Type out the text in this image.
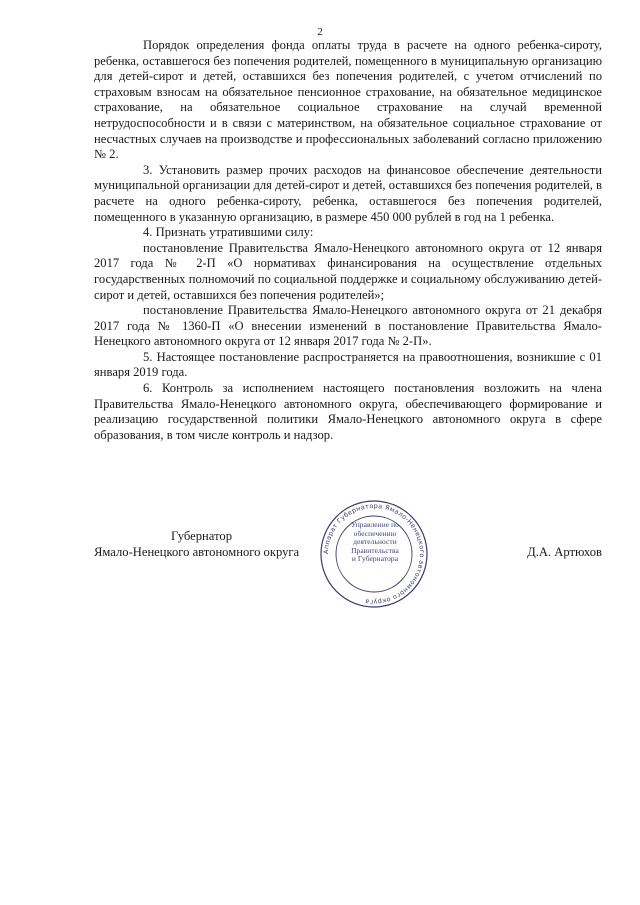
2

Порядок определения фонда оплаты труда в расчете на одного ребенка-сироту, ребенка, оставшегося без попечения родителей, помещенного в муниципальную организацию для детей-сирот и детей, оставшихся без попечения родителей, с учетом отчислений по страховым взносам на обязательное пенсионное страхование, на обязательное медицинское страхование, на обязательное социальное страхование на случай временной нетрудоспособности и в связи с материнством, на обязательное социальное страхование от несчастных случаев на производстве и профессиональных заболеваний согласно приложению № 2.

3. Установить размер прочих расходов на финансовое обеспечение деятельности муниципальной организации для детей-сирот и детей, оставшихся без попечения родителей, в расчете на одного ребенка-сироту, ребенка, оставшегося без попечения родителей, помещенного в указанную организацию, в размере 450 000 рублей в год на 1 ребенка.

4. Признать утратившими силу:

постановление Правительства Ямало-Ненецкого автономного округа от 12 января 2017 года № 2-П «О нормативах финансирования на осуществление отдельных государственных полномочий по социальной поддержке и социальному обслуживанию детей-сирот и детей, оставшихся без попечения родителей»;

постановление Правительства Ямало-Ненецкого автономного округа от 21 декабря 2017 года № 1360-П «О внесении изменений в постановление Правительства Ямало-Ненецкого автономного округа от 12 января 2017 года № 2-П».

5. Настоящее постановление распространяется на правоотношения, возникшие с 01 января 2019 года.

6. Контроль за исполнением настоящего постановления возложить на члена Правительства Ямало-Ненецкого автономного округа, обеспечивающего формирование и реализацию государственной политики Ямало-Ненецкого автономного округа в сфере образования, в том числе контроль и надзор.

Губернатор
Ямало-Ненецкого автономного округа	Д.А. Артюхов
Аппарат Губернатора Ямало-Ненецкого автономного округа
Управление по
обеспечению
деятельности
Правительства
и Губернатора
